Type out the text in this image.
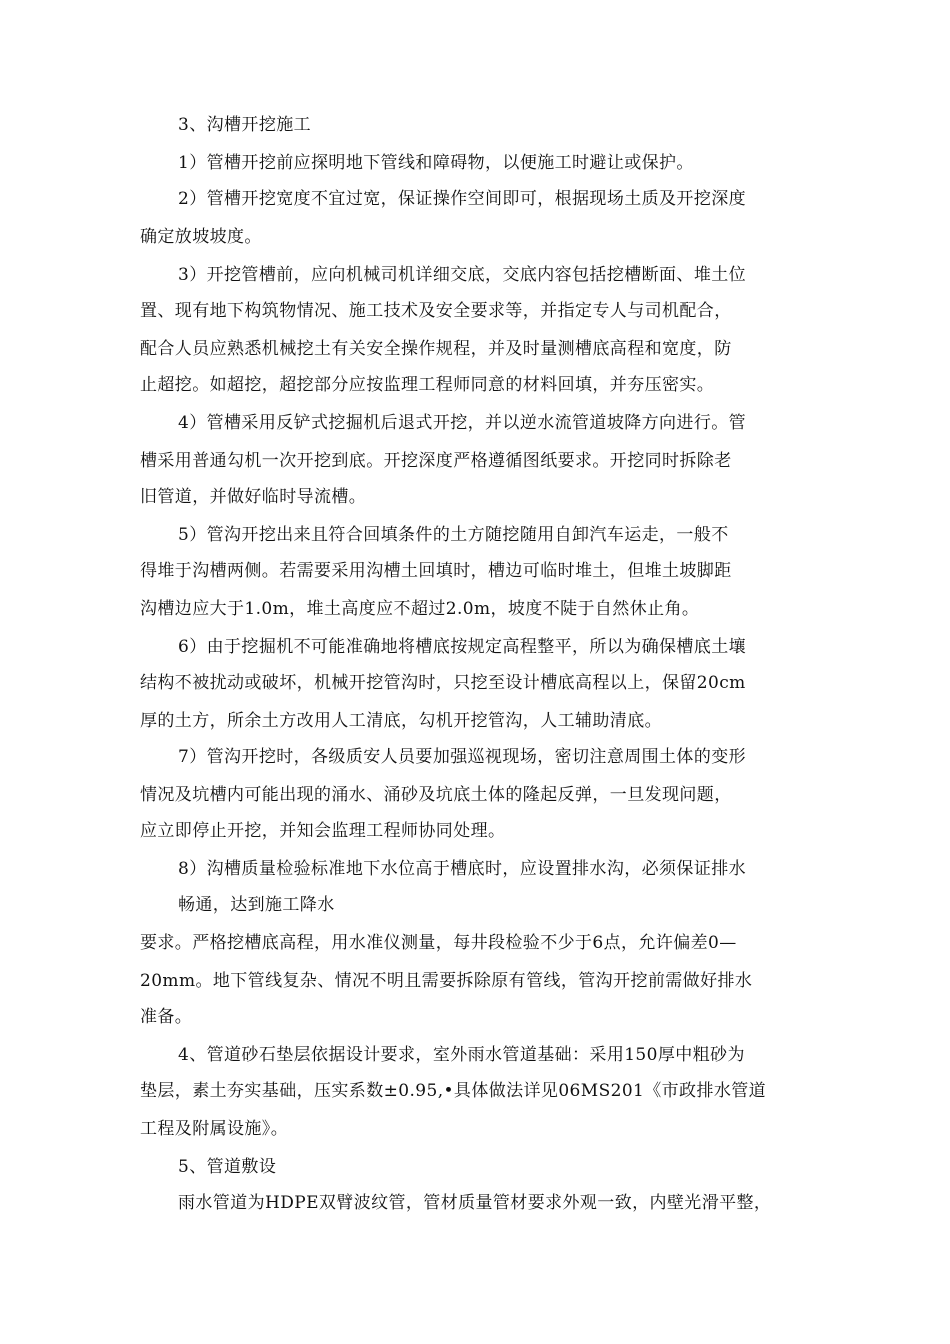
3、沟槽开挖施工
1）管槽开挖前应探明地下管线和障碍物，以便施工时避让或保护。
2）管槽开挖宽度不宜过宽，保证操作空间即可，根据现场土质及开挖深度
确定放坡坡度。
3）开挖管槽前，应向机械司机详细交底，交底内容包括挖槽断面、堆土位
置、现有地下构筑物情况、施工技术及安全要求等，并指定专人与司机配合，
配合人员应熟悉机械挖土有关安全操作规程，并及时量测槽底高程和宽度，防
止超挖。如超挖，超挖部分应按监理工程师同意的材料回填，并夯压密实。
4）管槽采用反铲式挖掘机后退式开挖，并以逆水流管道坡降方向进行。管
槽采用普通勾机一次开挖到底。开挖深度严格遵循图纸要求。开挖同时拆除老
旧管道，并做好临时导流槽。
5）管沟开挖出来且符合回填条件的土方随挖随用自卸汽车运走，一般不
得堆于沟槽两侧。若需要采用沟槽土回填时，槽边可临时堆土，但堆土坡脚距
沟槽边应大于1.0m，堆土高度应不超过2.0m，坡度不陡于自然休止角。
6）由于挖掘机不可能准确地将槽底按规定高程整平，所以为确保槽底土壤
结构不被扰动或破坏，机械开挖管沟时，只挖至设计槽底高程以上，保留20cm
厚的土方，所余土方改用人工清底，勾机开挖管沟，人工辅助清底。
7）管沟开挖时，各级质安人员要加强巡视现场，密切注意周围土体的变形
情况及坑槽内可能出现的涌水、涌砂及坑底土体的隆起反弹，一旦发现问题，
应立即停止开挖，并知会监理工程师协同处理。
8）沟槽质量检验标准地下水位高于槽底时，应设置排水沟，必须保证排水
畅通，达到施工降水
要求。严格挖槽底高程，用水准仪测量，每井段检验不少于6点，允许偏差0—
20mm。地下管线复杂、情况不明且需要拆除原有管线，管沟开挖前需做好排水
准备。
4、管道砂石垫层依据设计要求，室外雨水管道基础：采用150厚中粗砂为
垫层，素土夯实基础，压实系数±0.95,•具体做法详见06MS201《市政排水管道
工程及附属设施》。
5、管道敷设
雨水管道为HDPE双臂波纹管，管材质量管材要求外观一致，内壁光滑平整，
